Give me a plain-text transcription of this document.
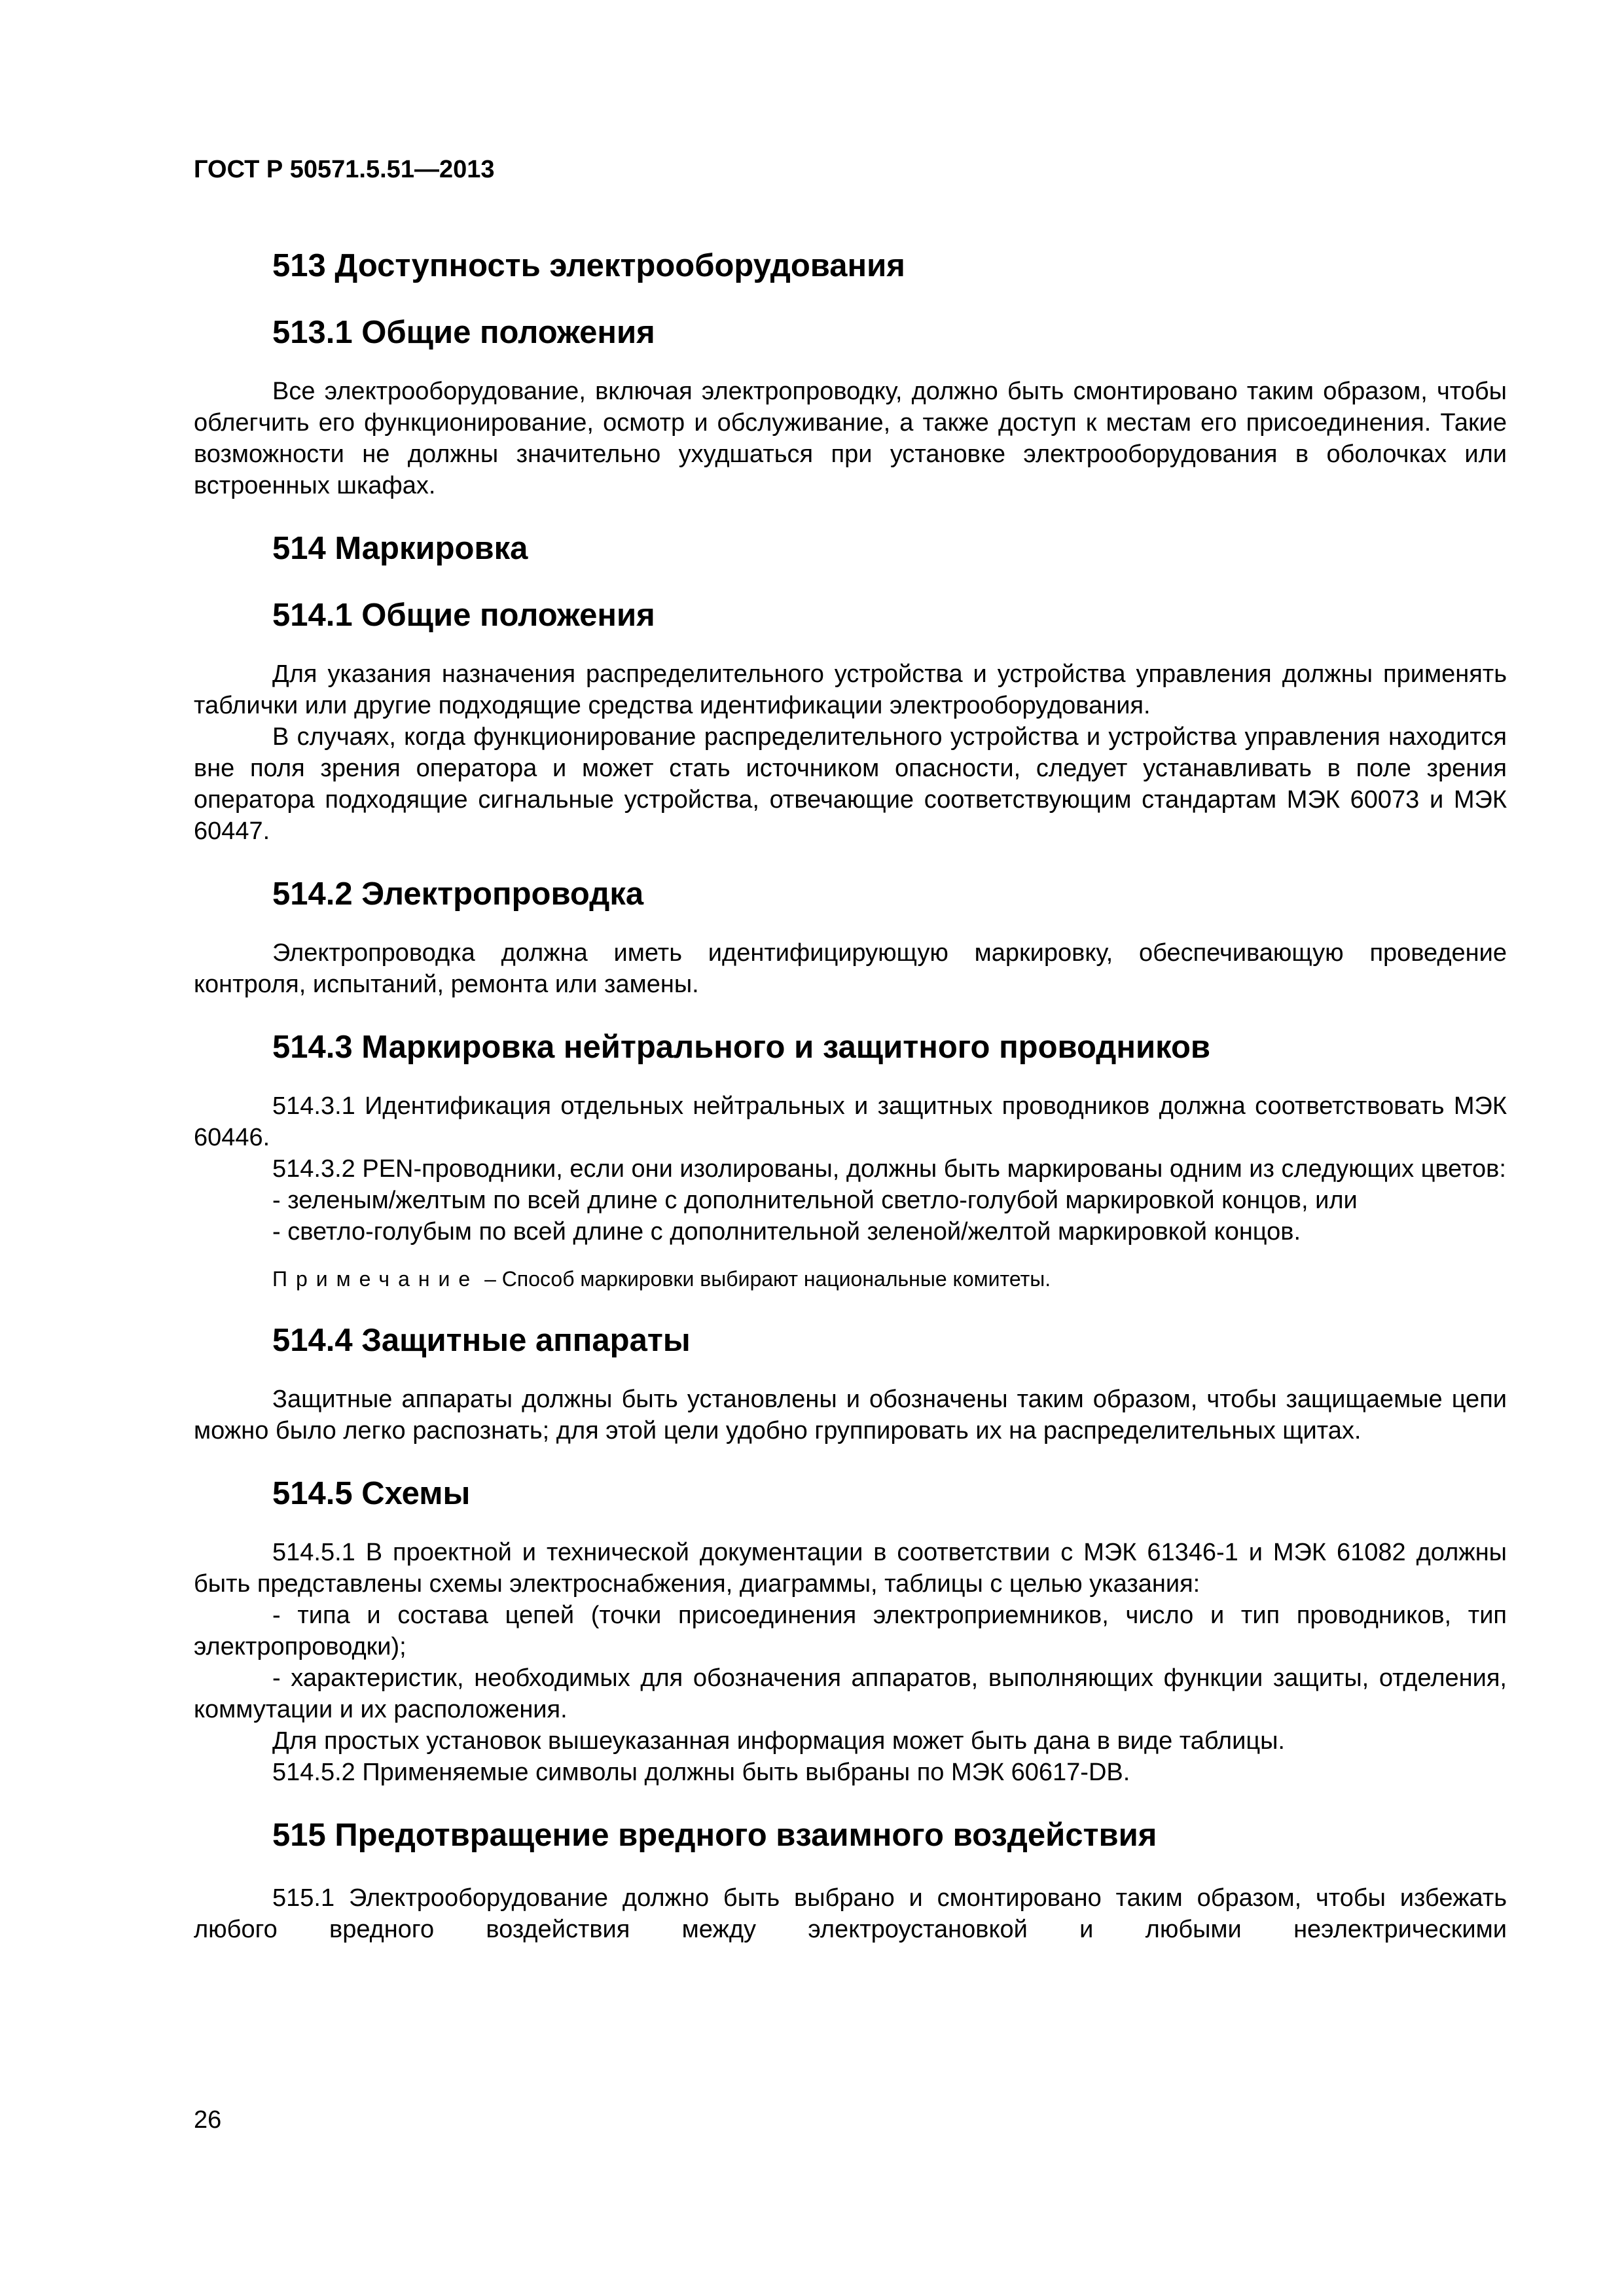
ГОСТ Р 50571.5.51—2013
513 Доступность электрооборудования
513.1 Общие положения

Все электрооборудование, включая электропроводку, должно быть смонтировано таким образом, чтобы облегчить его функционирование, осмотр и обслуживание, а также доступ к местам его присоединения. Такие возможности не должны значительно ухудшаться при установке электрооборудования в оболочках или встроенных шкафах.

514 Маркировка
514.1 Общие положения

Для указания назначения распределительного устройства и устройства управления должны применять таблички или другие подходящие средства идентификации электрооборудования.

В случаях, когда функционирование распределительного устройства и устройства управления находится вне поля зрения оператора и может стать источником опасности, следует устанавливать в поле зрения оператора подходящие сигнальные устройства, отвечающие соответствующим стандартам МЭК 60073 и МЭК 60447.

514.2 Электропроводка

Электропроводка должна иметь идентифицирующую маркировку, обеспечивающую проведение контроля, испытаний, ремонта или замены.

514.3 Маркировка нейтрального и защитного проводников

514.3.1 Идентификация отдельных нейтральных и защитных проводников должна соответствовать МЭК 60446.

514.3.2 PEN-проводники, если они изолированы, должны быть маркированы одним из следующих цветов:

- зеленым/желтым по всей длине с дополнительной светло-голубой маркировкой концов, или

- светло-голубым по всей длине с дополнительной зеленой/желтой маркировкой концов.

Примечание – Способ маркировки выбирают национальные комитеты.
514.4 Защитные аппараты

Защитные аппараты должны быть установлены и обозначены таким образом, чтобы защищаемые цепи можно было легко распознать; для этой цели удобно группировать их на распределительных щитах.

514.5 Схемы

514.5.1 В проектной и технической документации в соответствии с МЭК 61346-1 и МЭК 61082 должны быть представлены схемы электроснабжения, диаграммы, таблицы с целью указания:

- типа и состава цепей (точки присоединения электроприемников, число и тип проводников, тип электропроводки);

- характеристик, необходимых для обозначения аппаратов, выполняющих функции защиты, отделения, коммутации и их расположения.

Для простых установок вышеуказанная информация может быть дана в виде таблицы.

514.5.2 Применяемые символы должны быть выбраны по МЭК 60617-DB.

515 Предотвращение вредного взаимного воздействия

515.1 Электрооборудование должно быть выбрано и смонтировано таким образом, чтобы избежать любого вредного воздействия между электроустановкой и любыми неэлектрическими

26
